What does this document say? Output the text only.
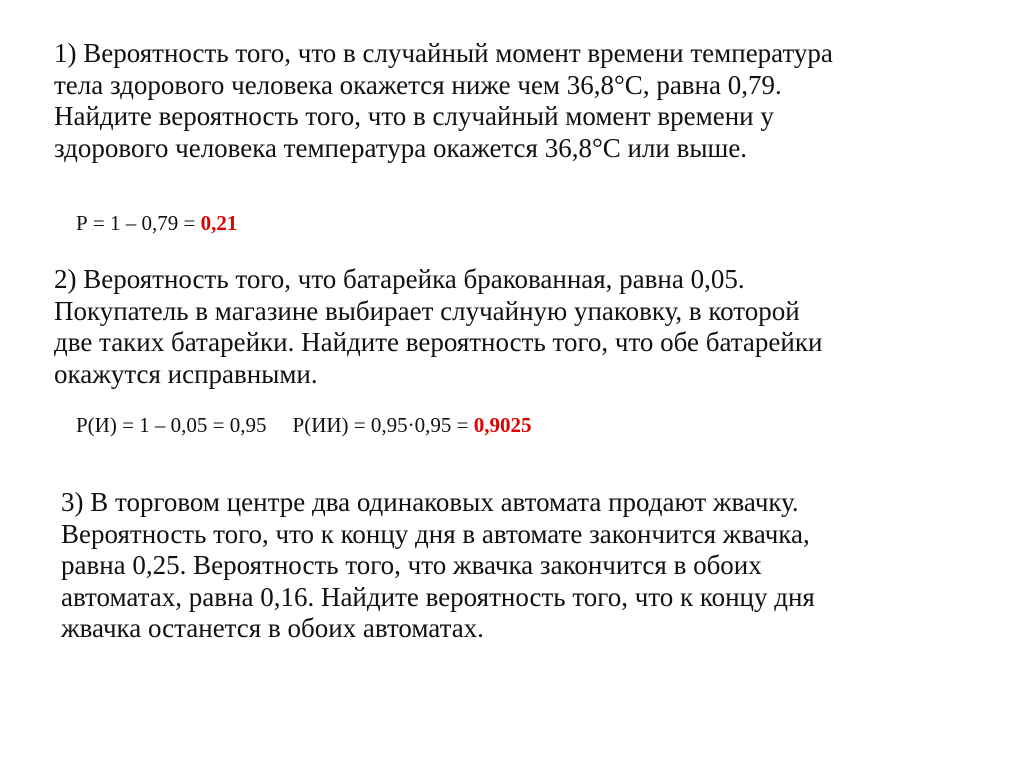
1) Вероятность того, что в случайный момент времени температура
тела здорового человека окажется ниже чем 36,8°С, равна 0,79.
Найдите вероятность того, что в случайный момент времени у
здорового человека температура окажется 36,8°С или выше.

Р = 1 – 0,79 = 0,21

2) Вероятность того, что батарейка бракованная, равна 0,05.
Покупатель в магазине выбирает случайную упаковку, в которой
две таких батарейки. Найдите вероятность того, что обе батарейки
окажутся исправными.

Р(И) = 1 – 0,05 = 0,95 Р(ИИ) = 0,95·0,95 = 0,9025

3) В торговом центре два одинаковых автомата продают жвачку.
Вероятность того, что к концу дня в автомате закончится жвачка,
равна 0,25. Вероятность того, что жвачка закончится в обоих
автоматах, равна 0,16. Найдите вероятность того, что к концу дня
жвачка останется в обоих автоматах.
